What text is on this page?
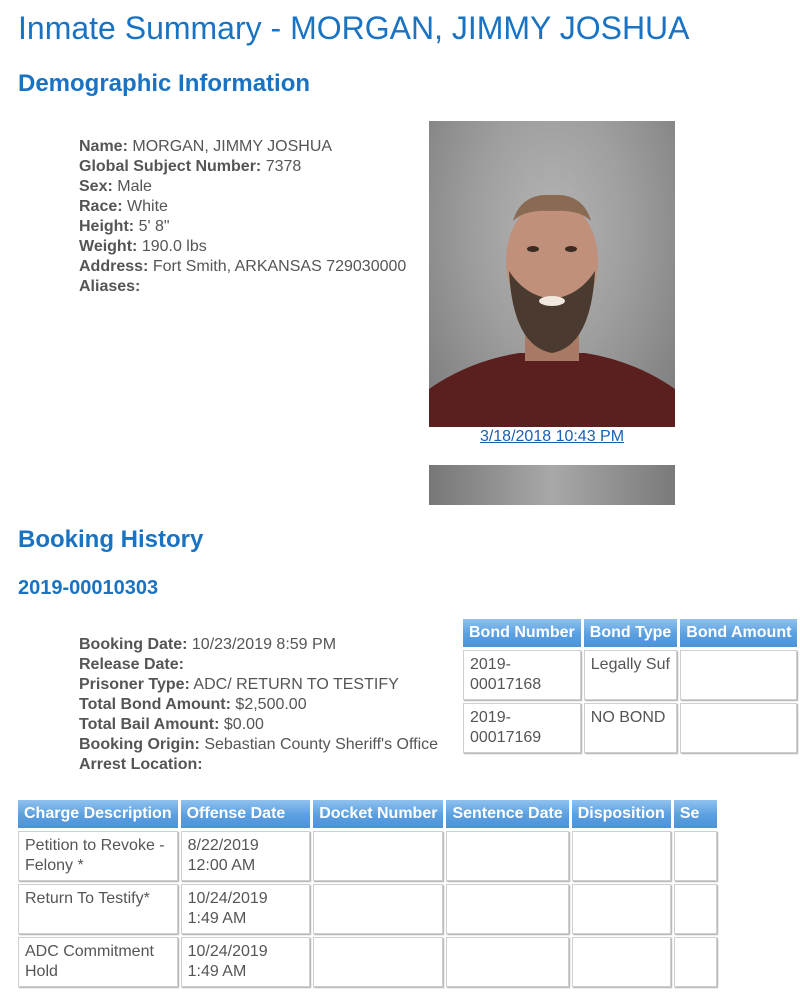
Inmate Summary - MORGAN, JIMMY JOSHUA
Demographic Information
Name: MORGAN, JIMMY JOSHUA
Global Subject Number: 7378
Sex: Male
Race: White
Height: 5' 8"
Weight: 190.0 lbs
Address: Fort Smith, ARKANSAS 729030000
Aliases:
3/18/2018 10:43 PM
Booking History
2019-00010303
Booking Date: 10/23/2019 8:59 PM
Release Date:
Prisoner Type: ADC/ RETURN TO TESTIFY
Total Bond Amount: $2,500.00
Total Bail Amount: $0.00
Booking Origin: Sebastian County Sheriff's Office
Arrest Location:
Bond Number	Bond Type	Bond Amount
2019-00017168	Legally Suf	
2019-00017169	NO BOND	
Charge Description	Offense Date	Docket Number	Sentence Date	Disposition	Se
Petition to Revoke - Felony *	8/22/2019 12:00 AM				
Return To Testify*	10/24/2019 1:49 AM				
ADC Commitment Hold	10/24/2019 1:49 AM				
